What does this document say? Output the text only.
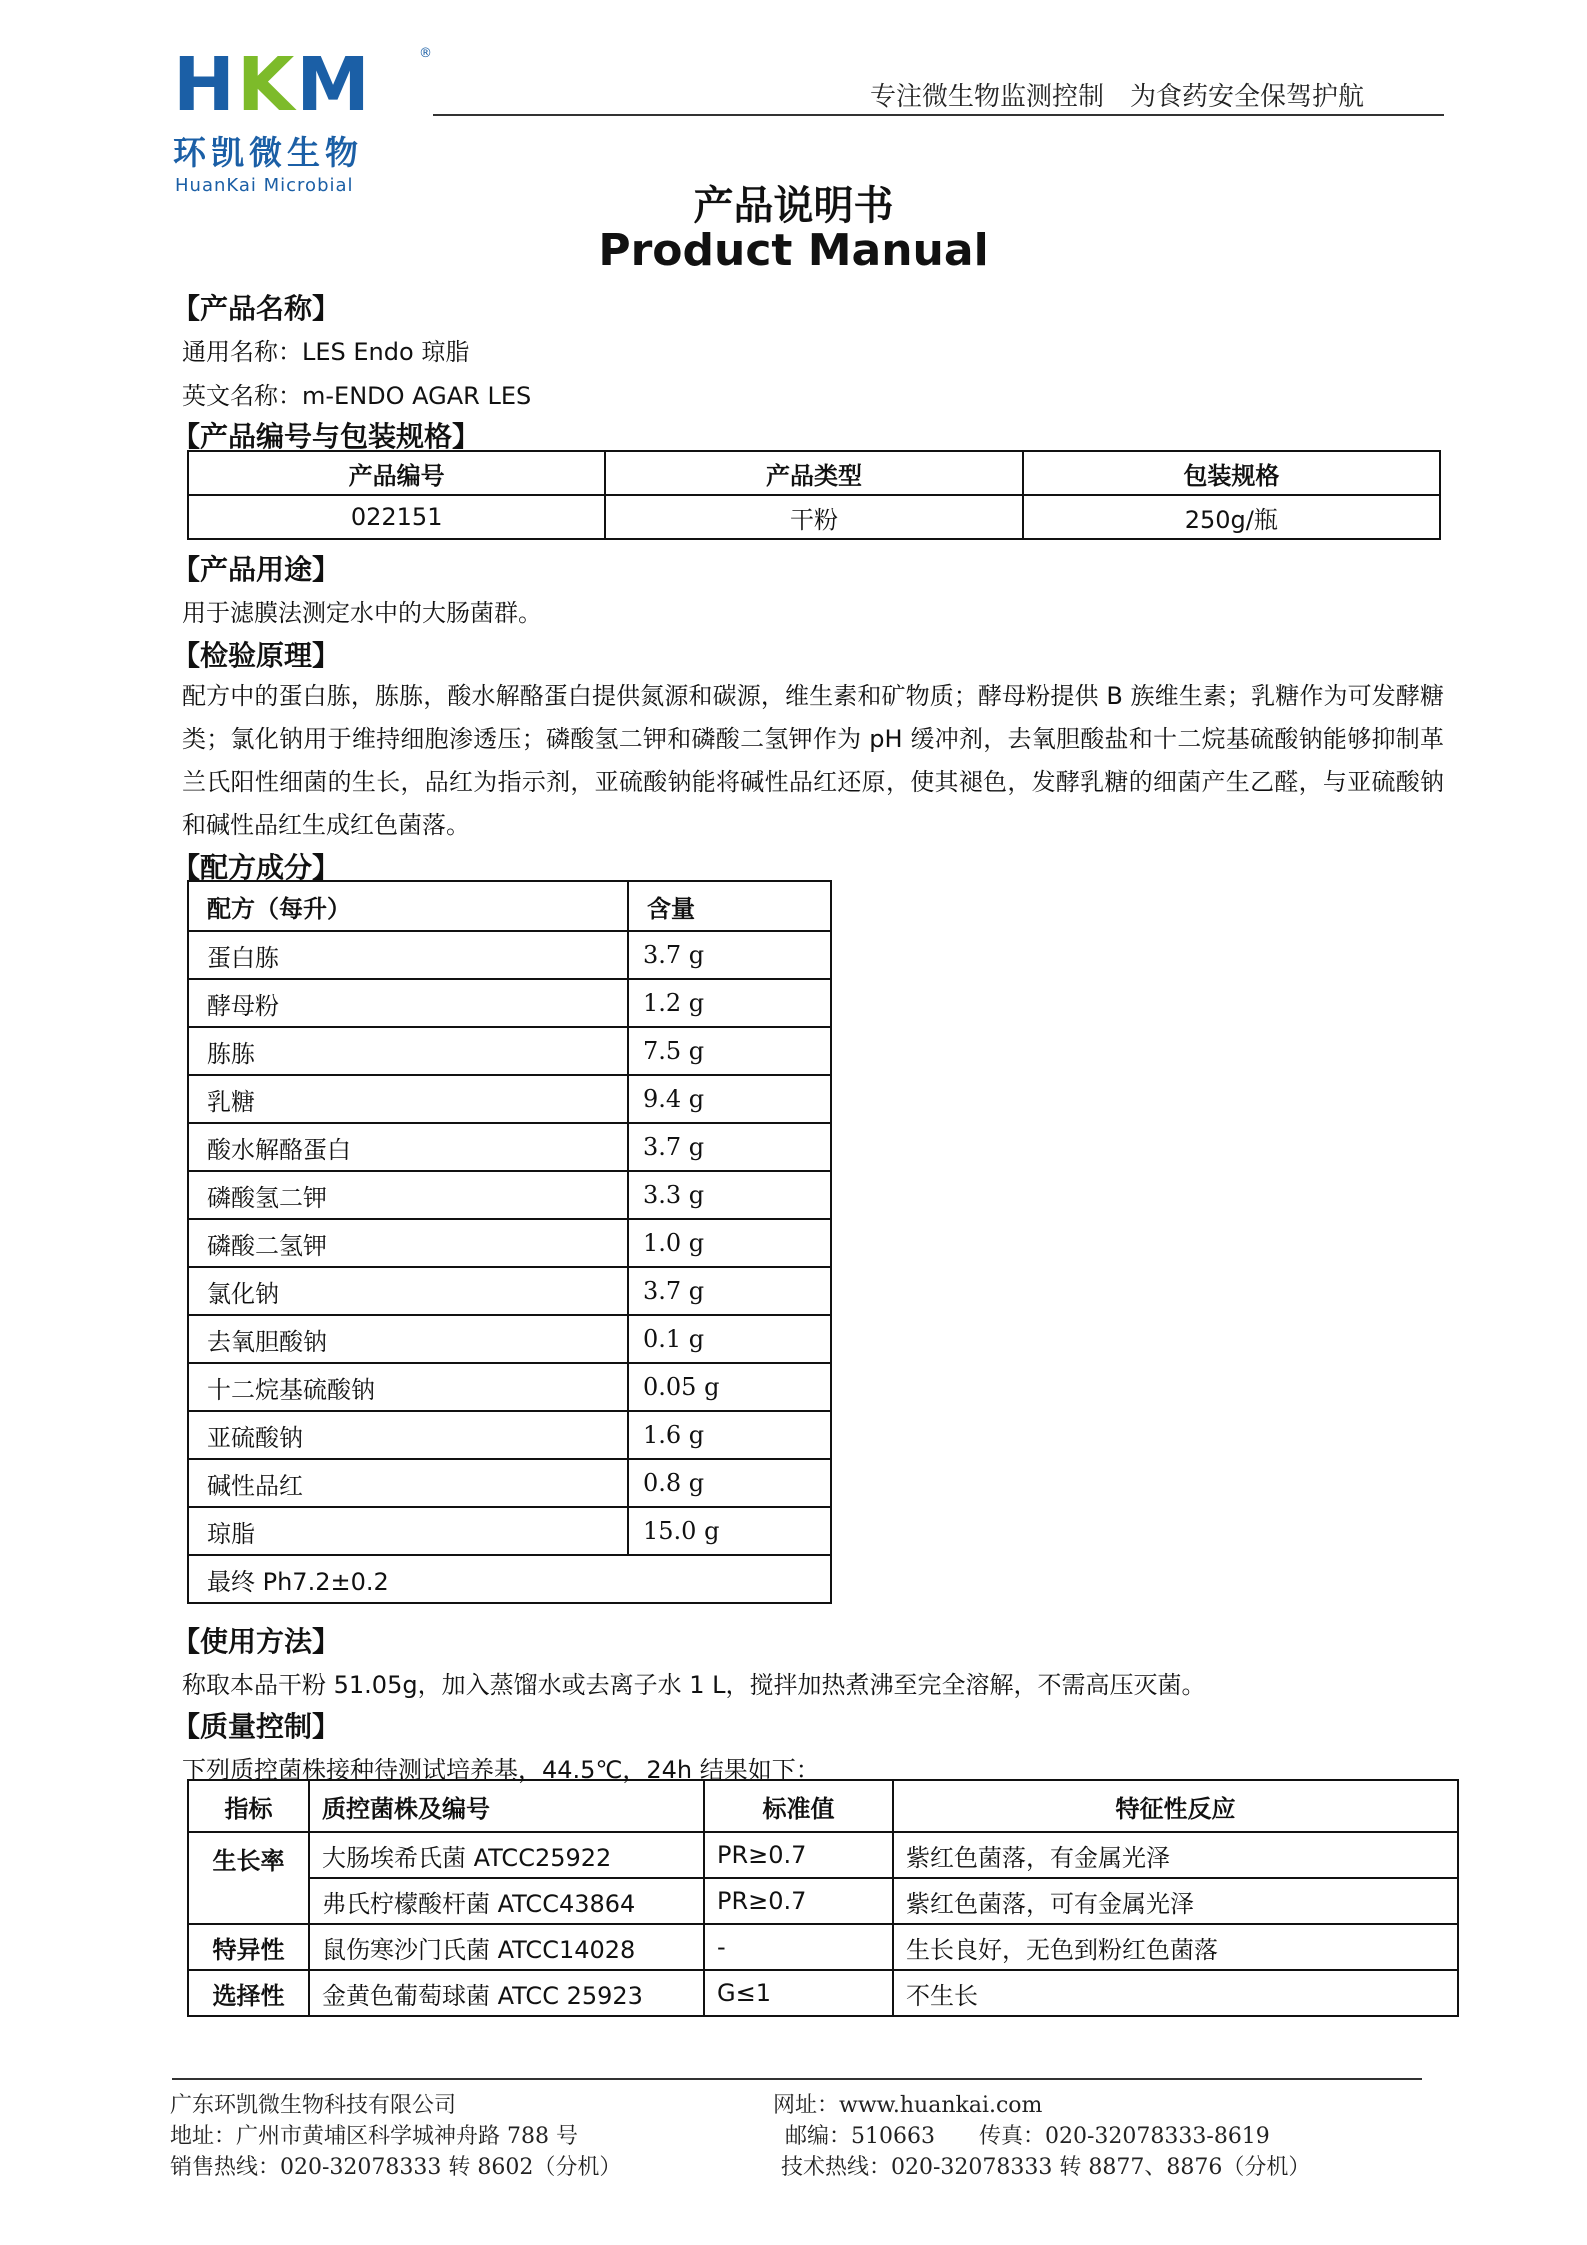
HKM	®
环凯微生物
HuanKai Microbial
专注微生物监测控制　为食药安全保驾护航
产品说明书
Product Manual
【产品名称】
通用名称：LES Endo 琼脂
英文名称：m-ENDO AGAR LES
【产品编号与包装规格】
产品编号	产品类型	包装规格
022151	干粉	250g/瓶
【产品用途】
用于滤膜法测定水中的大肠菌群。
【检验原理】
配方中的蛋白胨，胨胨，酸水解酪蛋白提供氮源和碳源，维生素和矿物质；酵母粉提供 B 族维生素；乳糖作为可发酵糖类；氯化钠用于维持细胞渗透压；磷酸氢二钾和磷酸二氢钾作为 pH 缓冲剂，去氧胆酸盐和十二烷基硫酸钠能够抑制革兰氏阳性细菌的生长，品红为指示剂，亚硫酸钠能将碱性品红还原，使其褪色，发酵乳糖的细菌产生乙醛，与亚硫酸钠和碱性品红生成红色菌落。
【配方成分】
配方（每升）	含量
蛋白胨	3.7 g
酵母粉	1.2 g
胨胨	7.5 g
乳糖	9.4 g
酸水解酪蛋白	3.7 g
磷酸氢二钾	3.3 g
磷酸二氢钾	1.0 g
氯化钠	3.7 g
去氧胆酸钠	0.1 g
十二烷基硫酸钠	0.05 g
亚硫酸钠	1.6 g
碱性品红	0.8 g
琼脂	15.0 g
最终 Ph7.2±0.2	
【使用方法】
称取本品干粉 51.05g，加入蒸馏水或去离子水 1 L，搅拌加热煮沸至完全溶解，不需高压灭菌。
【质量控制】
下列质控菌株接种待测试培养基，44.5℃，24h 结果如下：
指标	质控菌株及编号	标准值	特征性反应
生长率	大肠埃希氏菌 ATCC25922	PR≥0.7	紫红色菌落，有金属光泽
	弗氏柠檬酸杆菌 ATCC43864	PR≥0.7	紫红色菌落，可有金属光泽
特异性	鼠伤寒沙门氏菌 ATCC14028	-	生长良好，无色到粉红色菌落
选择性	金黄色葡萄球菌 ATCC 25923	G≤1	不生长
广东环凯微生物科技有限公司
地址：广州市黄埔区科学城神舟路 788 号
销售热线：020-32078333 转 8602（分机）
网址：www.huankai.com
邮编：510663　　传真：020-32078333-8619
技术热线：020-32078333 转 8877、8876（分机）
